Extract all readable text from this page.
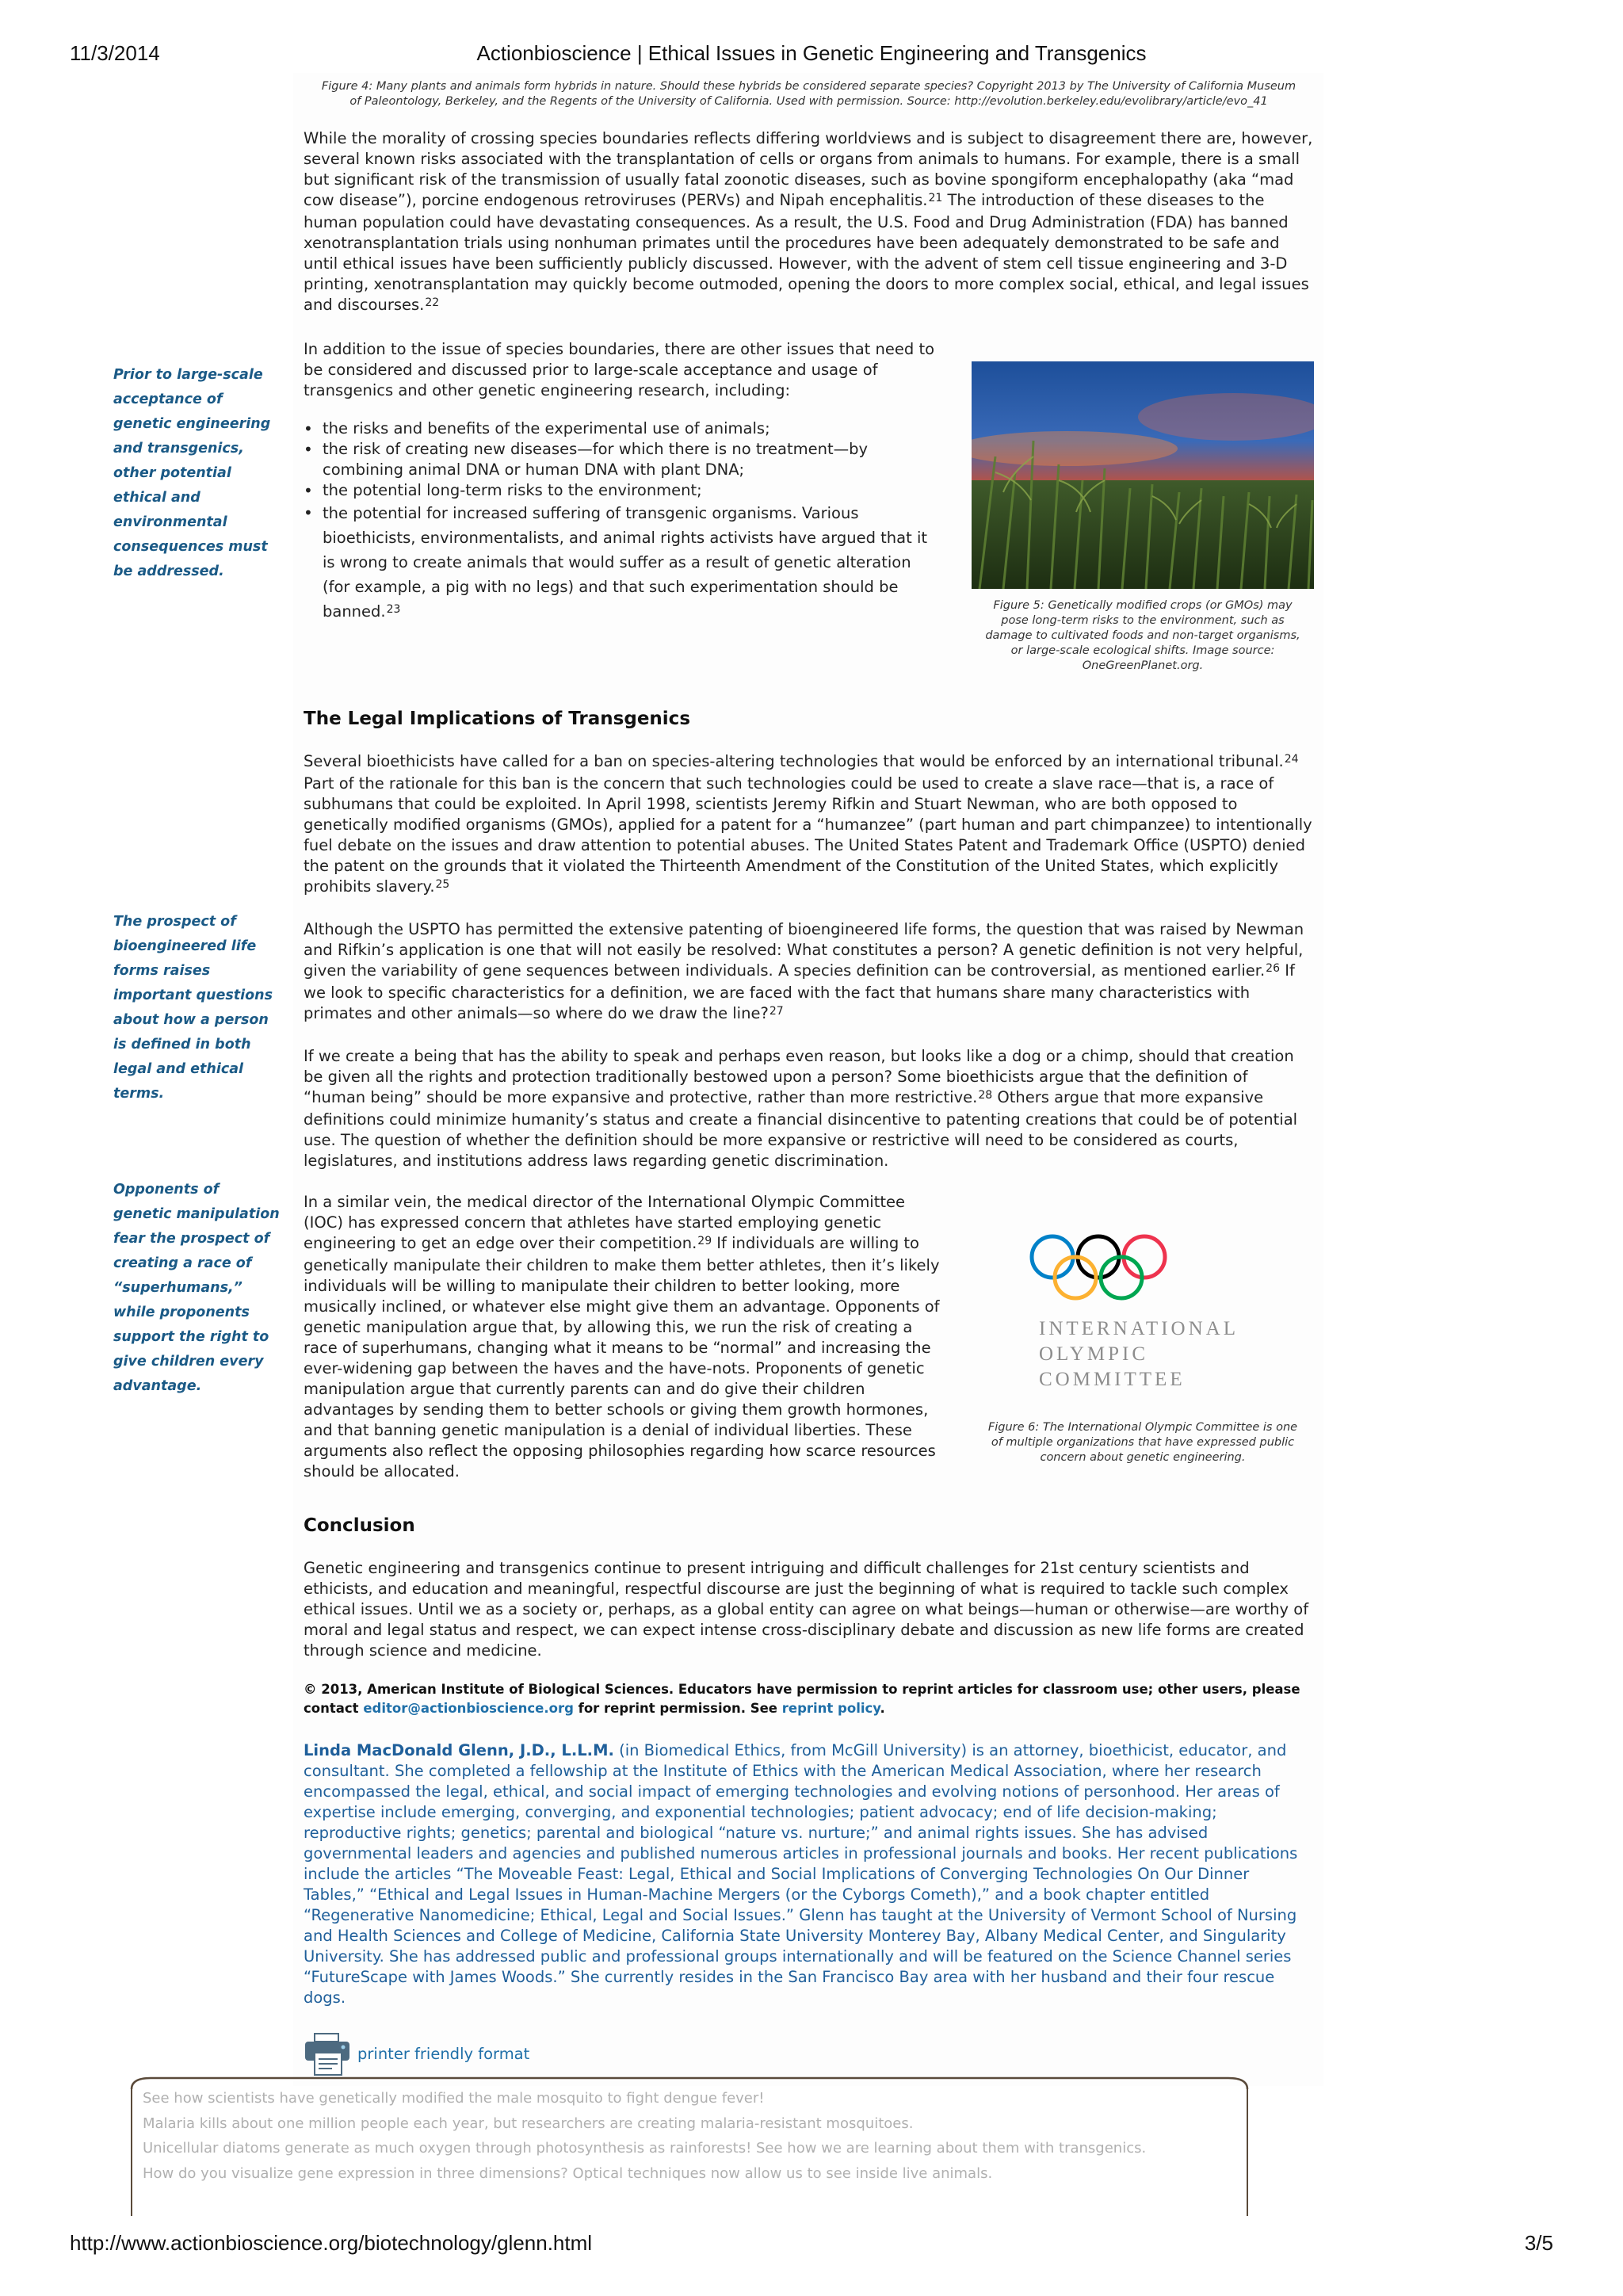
11/3/2014	Actionbioscience | Ethical Issues in Genetic Engineering and Transgenics
Prior to large-scale acceptance of genetic engineering and transgenics, other potential ethical and environmental consequences must be addressed.
The prospect of bioengineered life forms raises important questions about how a person is defined in both legal and ethical terms.
Opponents of genetic manipulation fear the prospect of creating a race of “superhumans,” while proponents support the right to give children every advantage.
Figure 4: Many plants and animals form hybrids in nature. Should these hybrids be considered separate species? Copyright 2013 by The University of California Museum
of Paleontology, Berkeley, and the Regents of the University of California. Used with permission. Source: http://evolution.berkeley.edu/evolibrary/article/evo_41

While the morality of crossing species boundaries reflects differing worldviews and is subject to disagreement there are, however, several known risks associated with the transplantation of cells or organs from animals to humans. For example, there is a small but significant risk of the transmission of usually fatal zoonotic diseases, such as bovine spongiform encephalopathy (aka “mad cow disease”), porcine endogenous retroviruses (PERVs) and Nipah encephalitis.$^{21}$ The introduction of these diseases to the human population could have devastating consequences. As a result, the U.S. Food and Drug Administration (FDA) has banned xenotransplantation trials using nonhuman primates until the procedures have been adequately demonstrated to be safe and until ethical issues have been sufficiently publicly discussed. However, with the advent of stem cell tissue engineering and 3-D printing, xenotransplantation may quickly become outmoded, opening the doors to more complex social, ethical, and legal issues and discourses.$^{22}$

In addition to the issue of species boundaries, there are other issues that need to be considered and discussed prior to large-scale acceptance and usage of transgenics and other genetic engineering research, including:

• the risks and benefits of the experimental use of animals;
• the risk of creating new diseases—for which there is no treatment—by combining animal DNA or human DNA with plant DNA;
• the potential long-term risks to the environment;
• the potential for increased suffering of transgenic organisms. Various bioethicists, environmentalists, and animal rights activists have argued that it is wrong to create animals that would suffer as a result of genetic alteration (for example, a pig with no legs) and that such experimentation should be banned.$^{23}$	Figure 5: Genetically modified crops (or GMOs) may pose long-term risks to the environment, such as damage to cultivated foods and non-target organisms, or large-scale ecological shifts. Image source: OneGreenPlanet.org.
The Legal Implications of Transgenics

Several bioethicists have called for a ban on species-altering technologies that would be enforced by an international tribunal.$^{24}$ Part of the rationale for this ban is the concern that such technologies could be used to create a slave race—that is, a race of subhumans that could be exploited. In April 1998, scientists Jeremy Rifkin and Stuart Newman, who are both opposed to genetically modified organisms (GMOs), applied for a patent for a “humanzee” (part human and part chimpanzee) to intentionally fuel debate on the issues and draw attention to potential abuses. The United States Patent and Trademark Office (USPTO) denied the patent on the grounds that it violated the Thirteenth Amendment of the Constitution of the United States, which explicitly prohibits slavery.$^{25}$

Although the USPTO has permitted the extensive patenting of bioengineered life forms, the question that was raised by Newman and Rifkin’s application is one that will not easily be resolved: What constitutes a person? A genetic definition is not very helpful, given the variability of gene sequences between individuals. A species definition can be controversial, as mentioned earlier.$^{26}$ If we look to specific characteristics for a definition, we are faced with the fact that humans share many characteristics with primates and other animals—so where do we draw the line?$^{27}$

If we create a being that has the ability to speak and perhaps even reason, but looks like a dog or a chimp, should that creation be given all the rights and protection traditionally bestowed upon a person? Some bioethicists argue that the definition of “human being” should be more expansive and protective, rather than more restrictive.$^{28}$ Others argue that more expansive definitions could minimize humanity’s status and create a financial disincentive to patenting creations that could be of potential use. The question of whether the definition should be more expansive or restrictive will need to be considered as courts, legislatures, and institutions address laws regarding genetic discrimination.

In a similar vein, the medical director of the International Olympic Committee (IOC) has expressed concern that athletes have started employing genetic engineering to get an edge over their competition.$^{29}$ If individuals are willing to genetically manipulate their children to make them better athletes, then it’s likely individuals will be willing to manipulate their children to better looking, more musically inclined, or whatever else might give them an advantage. Opponents of genetic manipulation argue that, by allowing this, we run the risk of creating a race of superhumans, changing what it means to be “normal” and increasing the ever-widening gap between the haves and the have-nots. Proponents of genetic manipulation argue that currently parents can and do give their children advantages by sending them to better schools or giving them growth hormones, and that banning genetic manipulation is a denial of individual liberties. These arguments also reflect the opposing philosophies regarding how scarce resources should be allocated.

INTERNATIONAL
OLYMPIC
COMMITTEE
Figure 6: The International Olympic Committee is one of multiple organizations that have expressed public concern about genetic engineering.
Conclusion

Genetic engineering and transgenics continue to present intriguing and difficult challenges for 21st century scientists and ethicists, and education and meaningful, respectful discourse are just the beginning of what is required to tackle such complex ethical issues. Until we as a society or, perhaps, as a global entity can agree on what beings—human or otherwise—are worthy of moral and legal status and respect, we can expect intense cross-disciplinary debate and discussion as new life forms are created through science and medicine.

© 2013, American Institute of Biological Sciences. Educators have permission to reprint articles for classroom use; other users, please contact editor@actionbioscience.org for reprint permission. See reprint policy.

Linda MacDonald Glenn, J.D., L.L.M. (in Biomedical Ethics, from McGill University) is an attorney, bioethicist, educator, and consultant. She completed a fellowship at the Institute of Ethics with the American Medical Association, where her research encompassed the legal, ethical, and social impact of emerging technologies and evolving notions of personhood. Her areas of expertise include emerging, converging, and exponential technologies; patient advocacy; end of life decision-making; reproductive rights; genetics; parental and biological “nature vs. nurture;” and animal rights issues. She has advised governmental leaders and agencies and published numerous articles in professional journals and books. Her recent publications include the articles “The Moveable Feast: Legal, Ethical and Social Implications of Converging Technologies On Our Dinner Tables,” “Ethical and Legal Issues in Human-Machine Mergers (or the Cyborgs Cometh),” and a book chapter entitled “Regenerative Nanomedicine; Ethical, Legal and Social Issues.” Glenn has taught at the University of Vermont School of Nursing and Health Sciences and College of Medicine, California State University Monterey Bay, Albany Medical Center, and Singularity University. She has addressed public and professional groups internationally and will be featured on the Science Channel series “FutureScape with James Woods.” She currently resides in the San Francisco Bay area with her husband and their four rescue dogs.

printer friendly format
See how scientists have genetically modified the male mosquito to fight dengue fever!
Malaria kills about one million people each year, but researchers are creating malaria-resistant mosquitoes.
Unicellular diatoms generate as much oxygen through photosynthesis as rainforests! See how we are learning about them with transgenics.
How do you visualize gene expression in three dimensions? Optical techniques now allow us to see inside live animals.
http://www.actionbioscience.org/biotechnology/glenn.html	3/5
